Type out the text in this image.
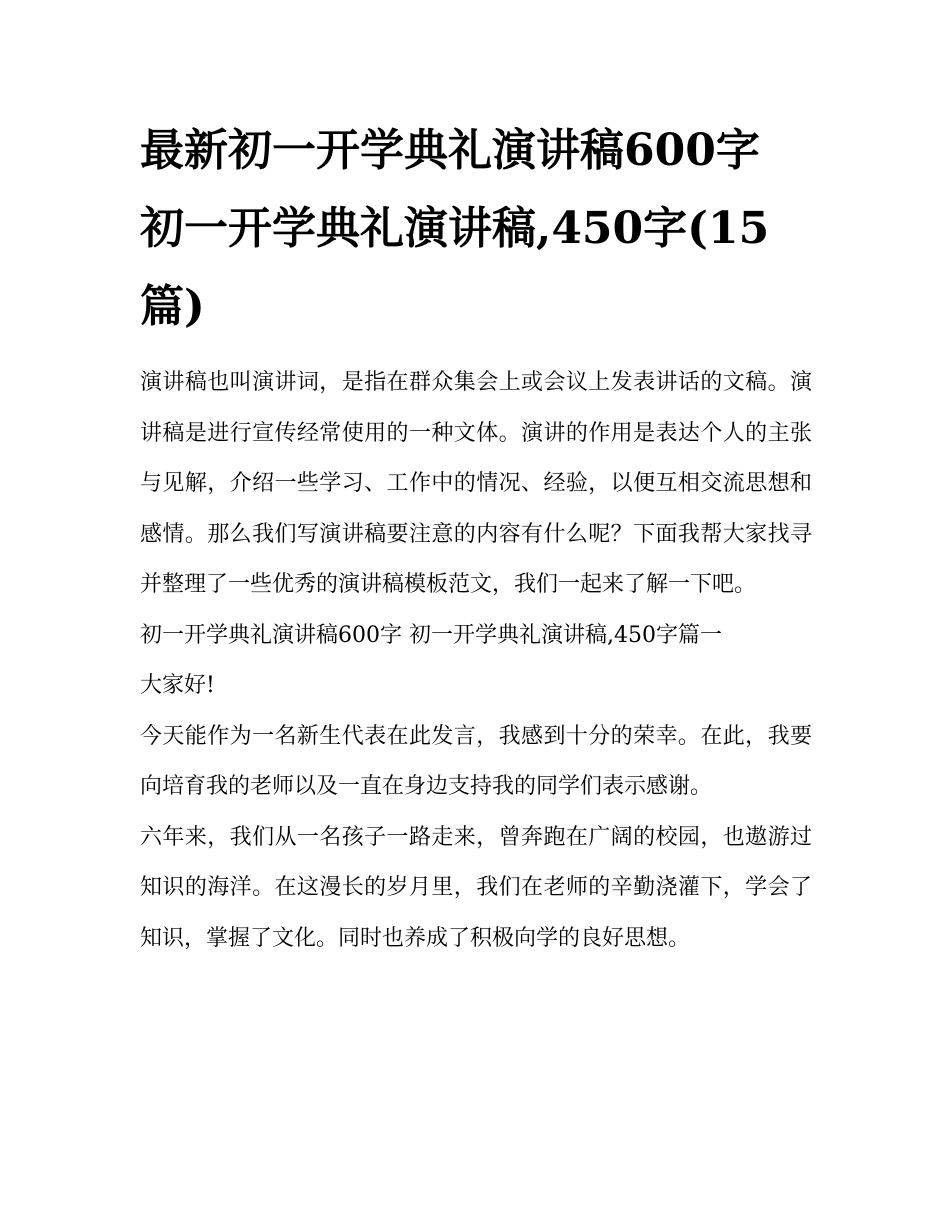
最新初一开学典礼演讲稿600字 初一开学典礼演讲稿,450字(15篇)

演讲稿也叫演讲词，是指在群众集会上或会议上发表讲话的文稿。演讲稿是进行宣传经常使用的一种文体。演讲的作用是表达个人的主张与见解，介绍一些学习、工作中的情况、经验，以便互相交流思想和感情。那么我们写演讲稿要注意的内容有什么呢？下面我帮大家找寻并整理了一些优秀的演讲稿模板范文，我们一起来了解一下吧。

初一开学典礼演讲稿600字 初一开学典礼演讲稿,450字篇一

大家好!

今天能作为一名新生代表在此发言，我感到十分的荣幸。在此，我要向培育我的老师以及一直在身边支持我的同学们表示感谢。

六年来，我们从一名孩子一路走来，曾奔跑在广阔的校园，也遨游过知识的海洋。在这漫长的岁月里，我们在老师的辛勤浇灌下，学会了知识，掌握了文化。同时也养成了积极向学的良好思想。
